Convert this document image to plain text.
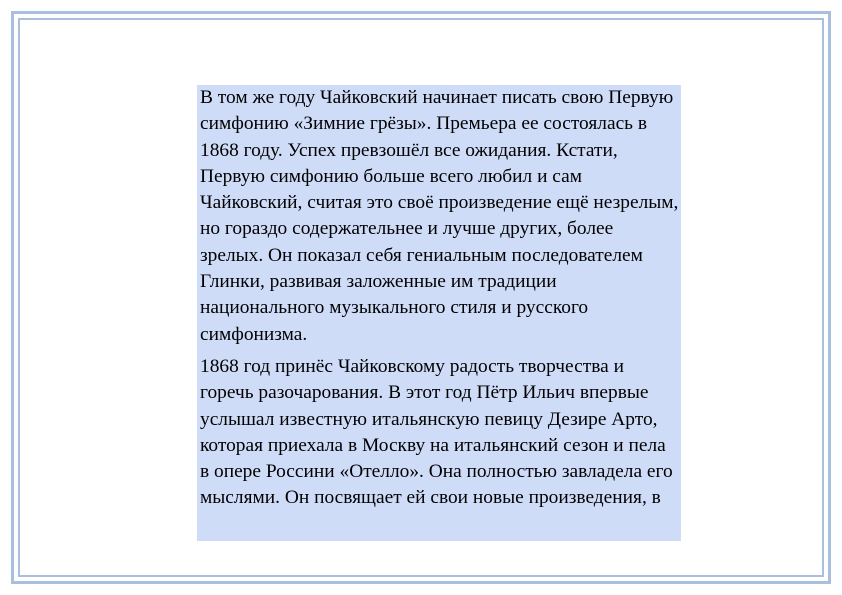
В том же году Чайковский начинает писать свою Первую симфонию «Зимние грёзы». Премьера ее состоялась в 1868 году. Успех превзошёл все ожидания. Кстати, Первую симфонию больше всего любил и сам Чайковский, считая это своё произведение ещё незрелым, но гораздо содержательнее и лучше других, более зрелых. Он показал себя гениальным последователем Глинки, развивая заложенные им традиции национального музыкального стиля и русского симфонизма.

1868 год принёс Чайковскому радость творчества и горечь разочарования. В этот год Пётр Ильич впервые услышал известную итальянскую певицу Дезире Арто, которая приехала в Москву на итальянский сезон и пела в опере Россини «Отелло». Она полностью завладела его мыслями. Он посвящает ей свои новые произведения, в
